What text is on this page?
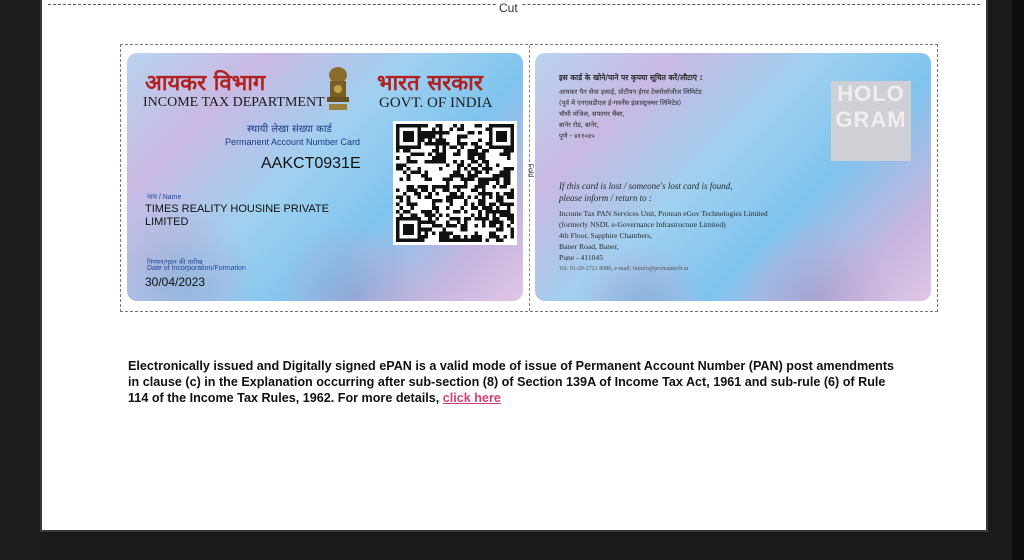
Cut
Fold
आयकर विभाग
INCOME TAX DEPARTMENT
भारत सरकार
GOVT. OF INDIA
स्थायी लेखा संख्या कार्ड
Permanent Account Number Card
AAKCT0931E
नाम / Name
TIMES REALITY HOUSINE PRIVATE LIMITED
निगमन/गठन की तारीख
Date of Incorporation/Formation
30/04/2023
इस कार्ड के खोने/पाने पर कृपया सूचित करें/लौटाएं :
आयकर पैन सेवा इकाई, प्रोटीयन ईगव टेक्नोलॉजीज लिमिटेड
(पूर्व में एनएसडीएल ई-गवर्नेंस इंफ्रास्ट्रक्चर लिमिटेड)
चौथी मंजिल, सफायर चैंबर,
बानेर रोड, बानेर,
पुणे - ४११०४५
HOLO GRAM
If this card is lost / someone's lost card is found,
please inform / return to :
Income Tax PAN Services Unit, Protean eGov Technologies Limited
(formerly NSDL e-Governance Infrastructure Limited)
4th Floor, Sapphire Chambers,
Baner Road, Baner,
Pune - 411045
Tel: 91-20-2721 8080, e-mail: tininfo@proteantech.in
Electronically issued and Digitally signed ePAN is a valid mode of issue of Permanent Account Number (PAN) post amendments in clause (c) in the Explanation occurring after sub-section (8) of Section 139A of Income Tax Act, 1961 and sub-rule (6) of Rule 114 of the Income Tax Rules, 1962. For more details, click here
